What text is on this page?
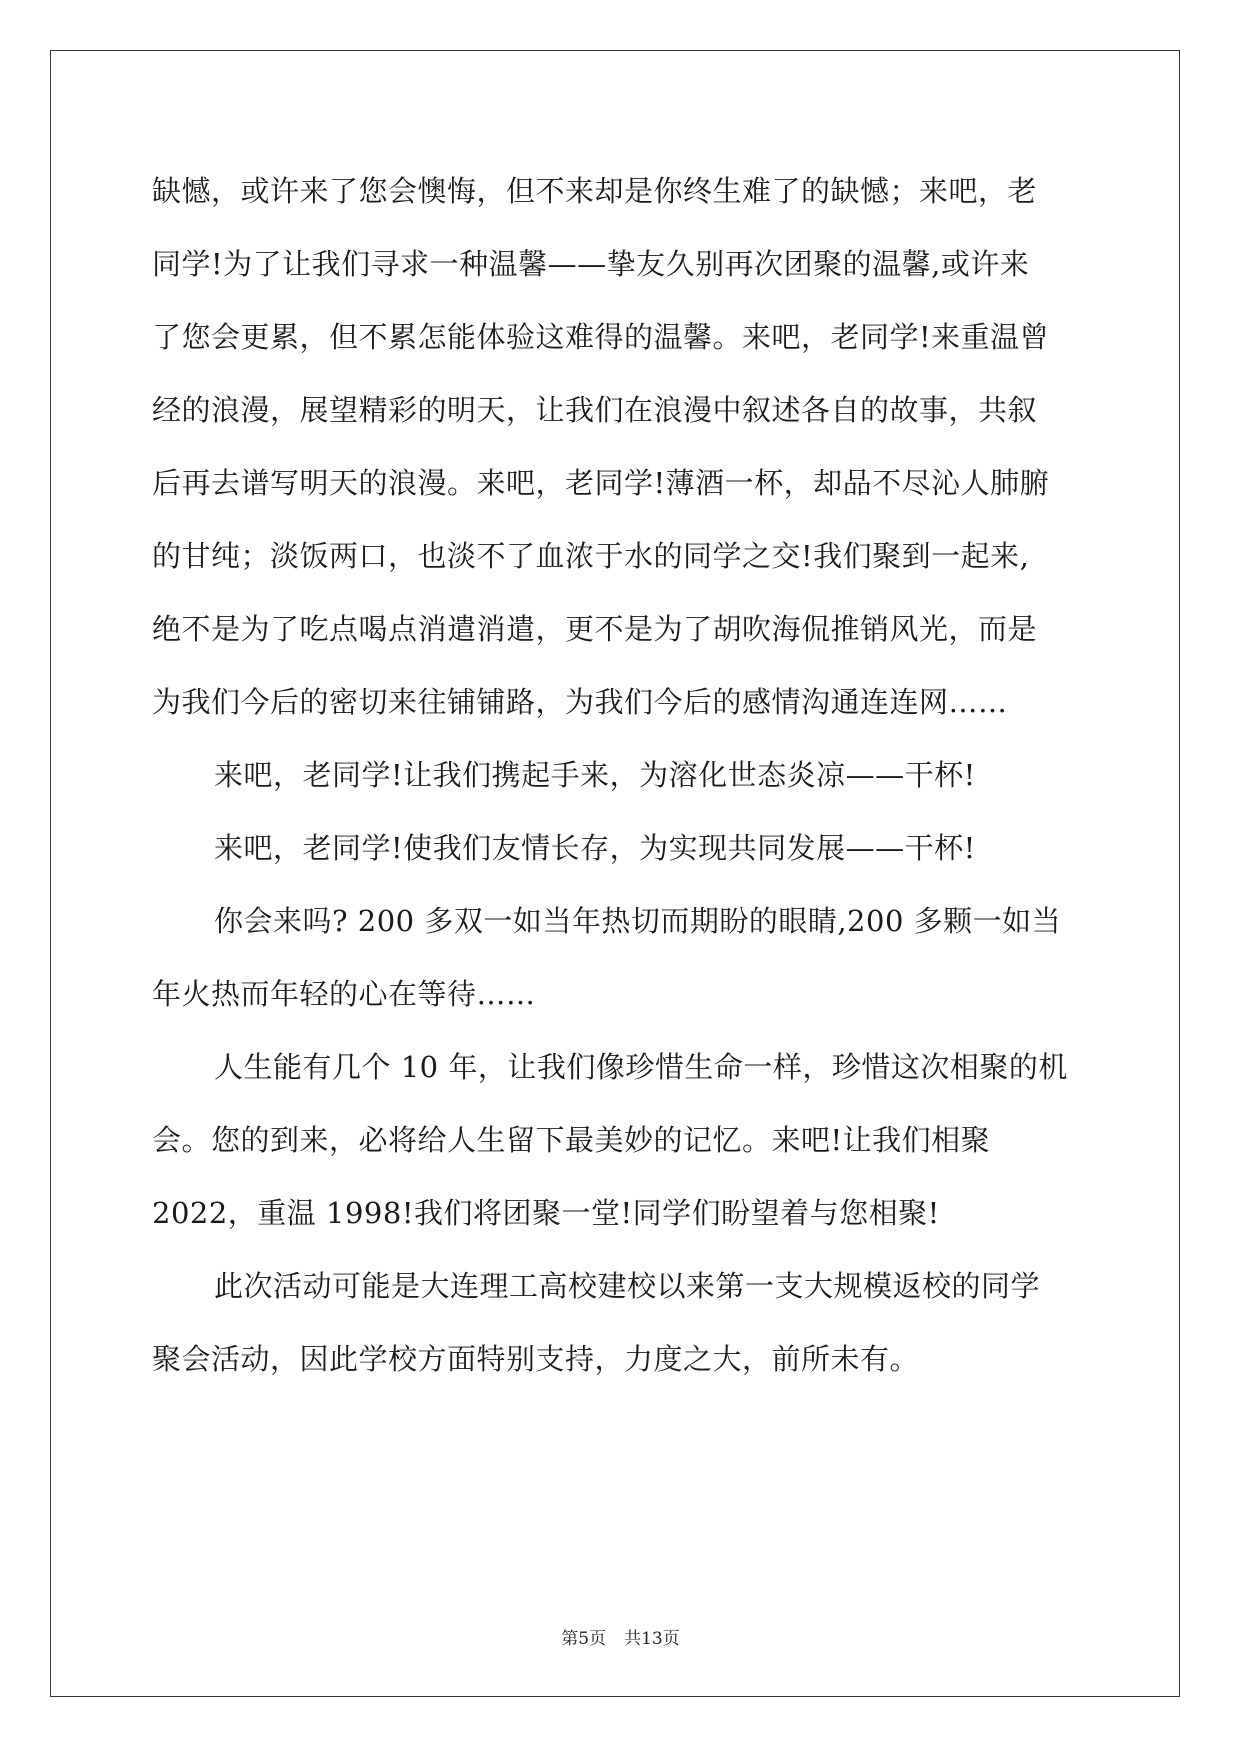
缺憾，或许来了您会懊悔，但不来却是你终生难了的缺憾；来吧，老
同学!为了让我们寻求一种温馨——挚友久别再次团聚的温馨,或许来
了您会更累，但不累怎能体验这难得的温馨。来吧，老同学!来重温曾
经的浪漫，展望精彩的明天，让我们在浪漫中叙述各自的故事，共叙
后再去谱写明天的浪漫。来吧，老同学!薄酒一杯，却品不尽沁人肺腑
的甘纯；淡饭两口，也淡不了血浓于水的同学之交!我们聚到一起来,
绝不是为了吃点喝点消遣消遣，更不是为了胡吹海侃推销风光，而是
为我们今后的密切来往铺铺路，为我们今后的感情沟通连连网……
来吧，老同学!让我们携起手来，为溶化世态炎凉——干杯!
来吧，老同学!使我们友情长存，为实现共同发展——干杯!
你会来吗? 200 多双一如当年热切而期盼的眼睛,200 多颗一如当
年火热而年轻的心在等待……
人生能有几个 10 年，让我们像珍惜生命一样，珍惜这次相聚的机
会。您的到来，必将给人生留下最美妙的记忆。来吧!让我们相聚
2022，重温 1998!我们将团聚一堂!同学们盼望着与您相聚!
此次活动可能是大连理工高校建校以来第一支大规模返校的同学
聚会活动，因此学校方面特别支持，力度之大，前所未有。
第5页 共13页
